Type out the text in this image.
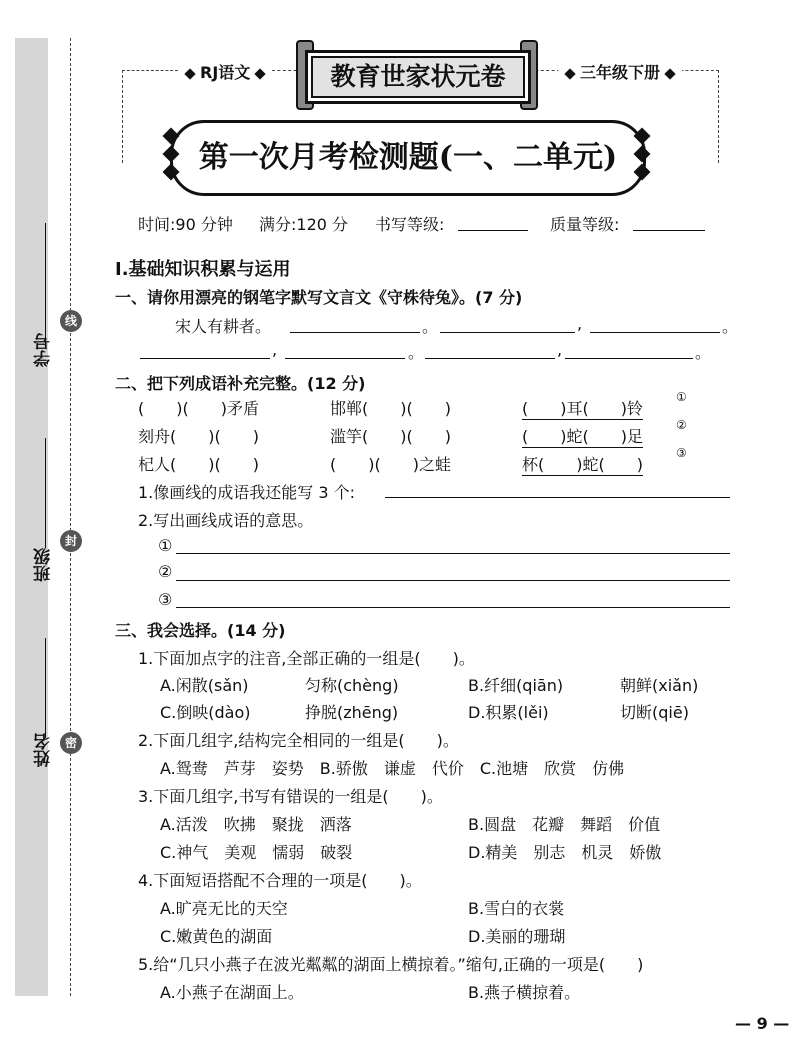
学号
班级
姓名
线
封
密
RJ语文	三年级下册
教育世家状元卷
第一次月考检测题(一、二单元)
时间:90 分钟 满分:120 分 书写等级:	质量等级:
Ⅰ.基础知识积累与运用
一、请你用漂亮的钢笔字默写文言文《守株待兔》。(7 分)
宋人有耕者。	。	,	。
,	。	,	。
二、把下列成语补充完整。(12 分)
(　　)(　　)矛盾	邯郸(　　)(　　)	(　　)耳(　　)铃
①
刻舟(　　)(　　)	滥竽(　　)(　　)	(　　)蛇(　　)足
②
杞人(　　)(　　)	(　　)(　　)之蛙	杯(　　)蛇(　　)
③
1.像画线的成语我还能写 3 个:
2.写出画线成语的意思。
①
②
③
三、我会选择。(14 分)
1.下面加点字的注音,全部正确的一组是(　　)。
A.闲散(sǎn)	匀称(chèng)	B.纤细(qiān)	朝鲜(xiǎn)
C.倒映(dào)	挣脱(zhēng)	D.积累(lěi)	切断(qiē)
2.下面几组字,结构完全相同的一组是(　　)。
A.鸳鸯　芦芽　姿势　B.骄傲　谦虚　代价　C.池塘　欣赏　仿佛
3.下面几组字,书写有错误的一组是(　　)。
A.活泼　吹拂　聚拢　洒落	B.圆盘　花瓣　舞蹈　价值
C.神气　美观　懦弱　破裂	D.精美　别志　机灵　娇傲
4.下面短语搭配不合理的一项是(　　)。
A.旷亮无比的天空	B.雪白的衣裳
C.嫩黄色的湖面	D.美丽的珊瑚
5.给“几只小燕子在波光粼粼的湖面上横掠着。”缩句,正确的一项是(　　)
A.小燕子在湖面上。	B.燕子横掠着。
— 9 —
